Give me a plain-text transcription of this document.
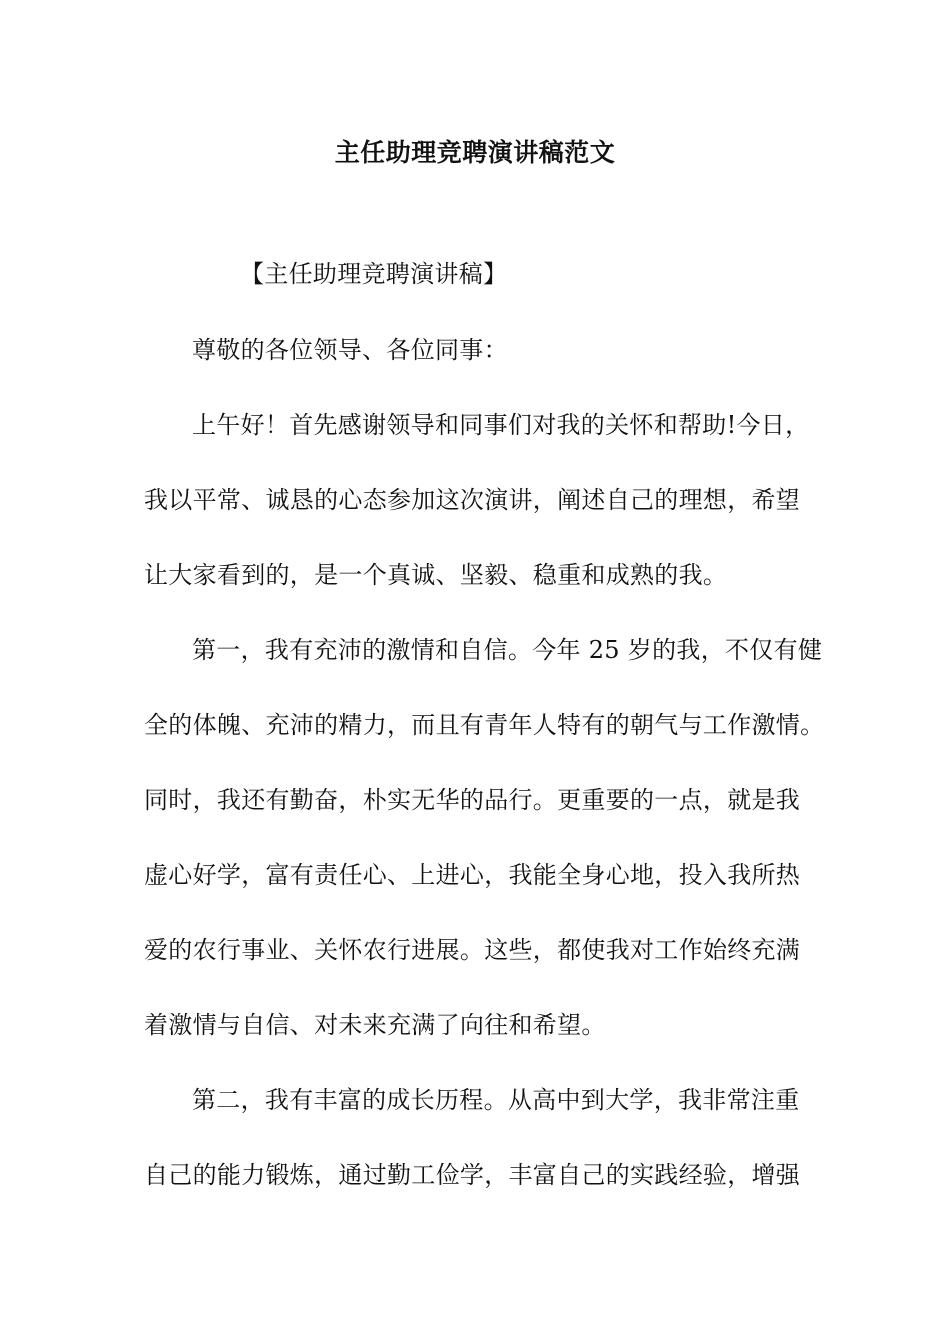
主任助理竞聘演讲稿范文
【主任助理竞聘演讲稿】
尊敬的各位领导、各位同事：
上午好！首先感谢领导和同事们对我的关怀和帮助!今日，
我以平常、诚恳的心态参加这次演讲，阐述自己的理想，希望
让大家看到的，是一个真诚、坚毅、稳重和成熟的我。
第一，我有充沛的激情和自信。今年 25 岁的我，不仅有健
全的体魄、充沛的精力，而且有青年人特有的朝气与工作激情。
同时，我还有勤奋，朴实无华的品行。更重要的一点，就是我
虚心好学，富有责任心、上进心，我能全身心地，投入我所热
爱的农行事业、关怀农行进展。这些，都使我对工作始终充满
着激情与自信、对未来充满了向往和希望。
第二，我有丰富的成长历程。从高中到大学，我非常注重
自己的能力锻炼，通过勤工俭学，丰富自己的实践经验，增强
